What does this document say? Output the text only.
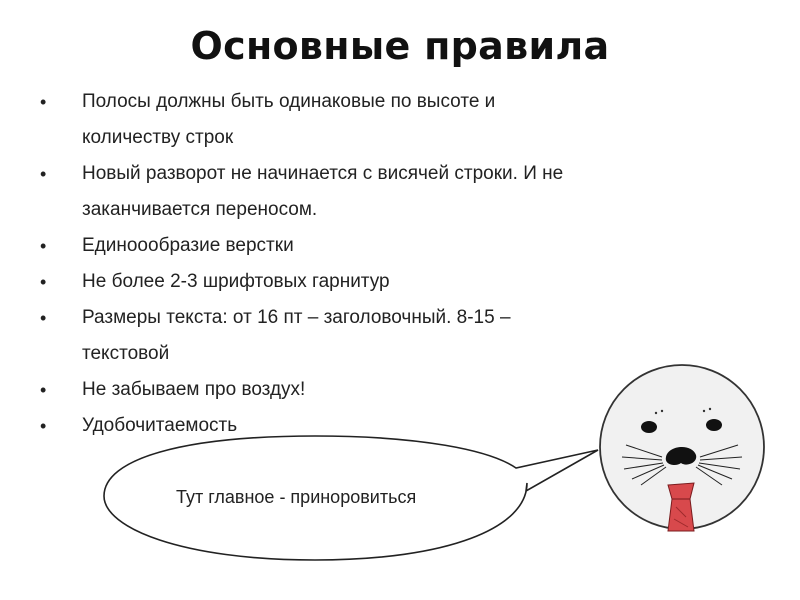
Основные правила
• Полосы должны быть одинаковые по высоте и
количеству строк
• Новый разворот не начинается с висячей строки. И не
заканчивается переносом.
• Единоообразие верстки
• Не более 2-3 шрифтовых гарнитур
• Размеры текста: от 16 пт – заголовочный. 8-15 –
текстовой
• Не забываем про воздух!
• Удобочитаемость
Тут главное - приноровиться
